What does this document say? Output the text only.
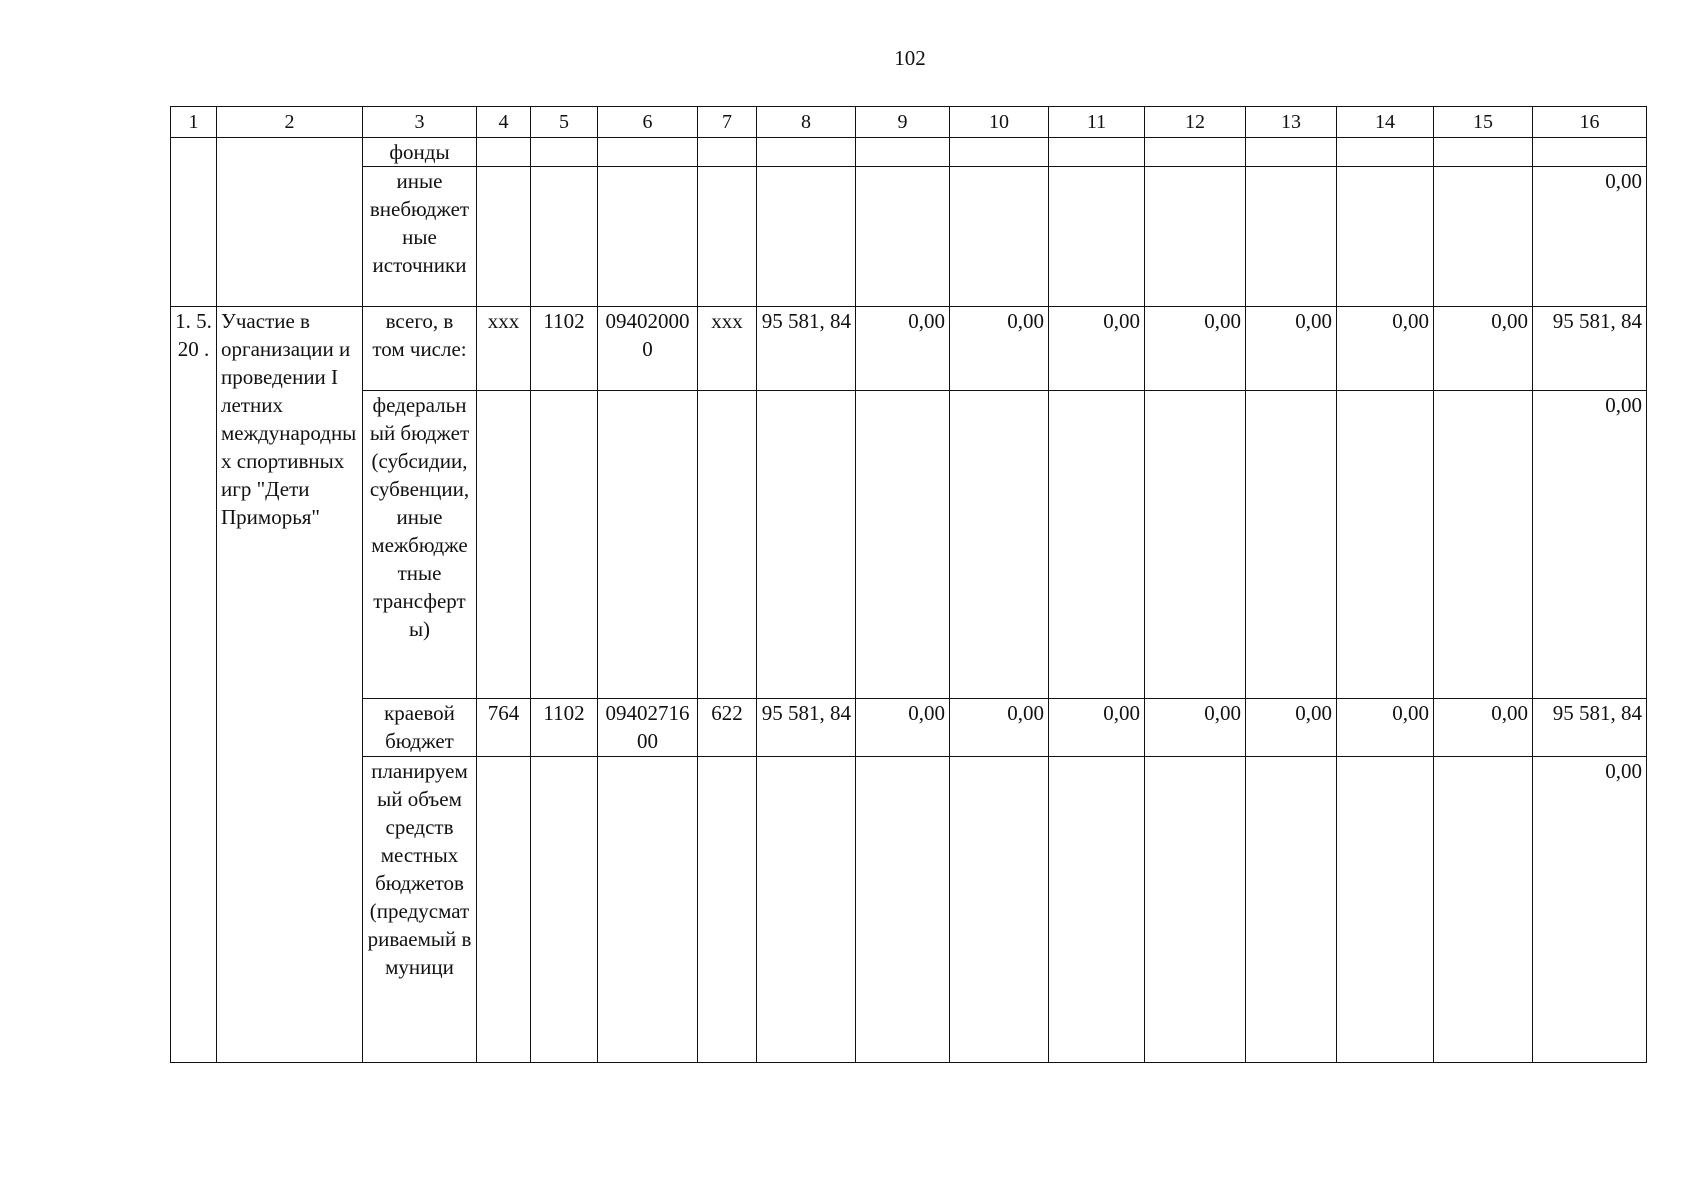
102
1	2	3	4	5	6	7	8	9	10	11	12	13	14	15	16
		фонды													
		иные внебюджетные источники													0,00
1. 5. 20 .	Участие в организации и проведении I летних международных спортивных игр "Дети Приморья"	всего, в том числе:	ххх	1102	094020000	ххх	95 581, 84	0,00	0,00	0,00	0,00	0,00	0,00	0,00	95 581, 84
		федеральный бюджет (субсидии, субвенции, иные межбюджетные трансферты)													0,00
		краевой бюджет	764	1102	0940271600	622	95 581, 84	0,00	0,00	0,00	0,00	0,00	0,00	0,00	95 581, 84
		планируемый объем средств местных бюджетов (предусматриваемый в муници													0,00
